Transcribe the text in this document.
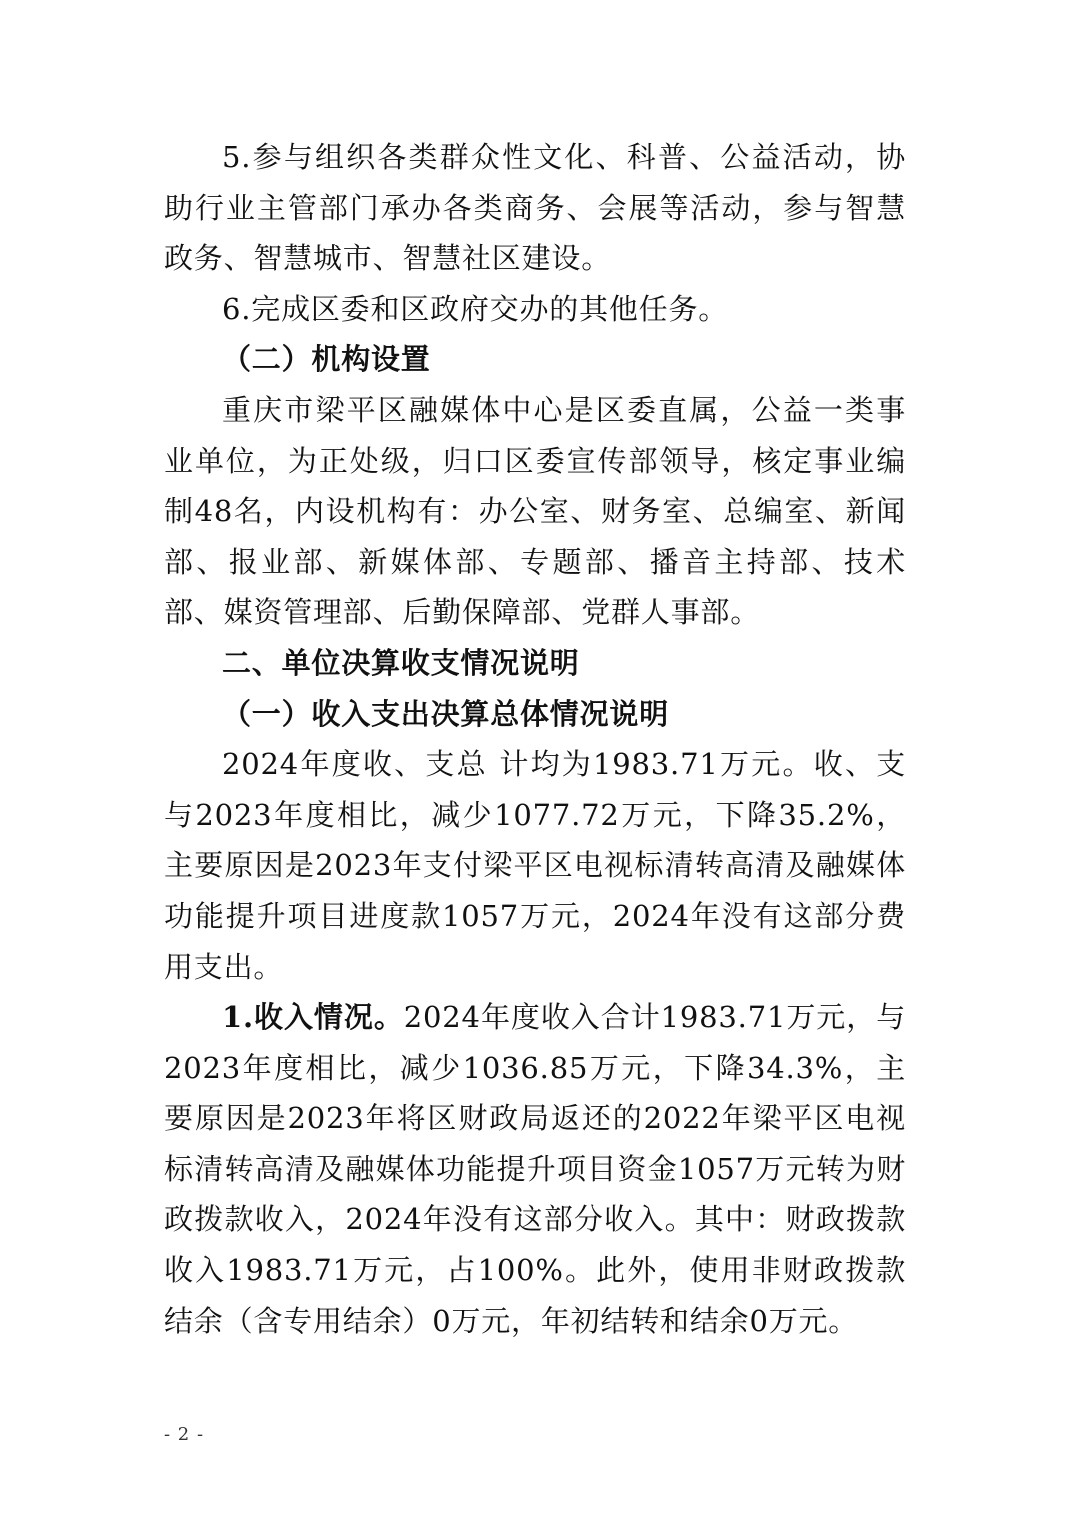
5.参与组织各类群众性文化、科普、公益活动，协助行业主管部门承办各类商务、会展等活动，参与智慧政务、智慧城市、智慧社区建设。

6.完成区委和区政府交办的其他任务。

（二）机构设置

重庆市梁平区融媒体中心是区委直属，公益一类事业单位，为正处级，归口区委宣传部领导，核定事业编制48名，内设机构有：办公室、财务室、总编室、新闻部、报业部、新媒体部、专题部、播音主持部、技术部、媒资管理部、后勤保障部、党群人事部。

二、单位决算收支情况说明

（一）收入支出决算总体情况说明

2024年度收、支总 计均为1983.71万元。收、支与2023年度相比，减少1077.72万元，下降35.2%，主要原因是2023年支付梁平区电视标清转高清及融媒体功能提升项目进度款1057万元，2024年没有这部分费用支出。

1.收入情况。2024年度收入合计1983.71万元，与2023年度相比，减少1036.85万元，下降34.3%，主要原因是2023年将区财政局返还的2022年梁平区电视标清转高清及融媒体功能提升项目资金1057万元转为财政拨款收入，2024年没有这部分收入。其中：财政拨款收入1983.71万元，占100%。此外，使用非财政拨款结余（含专用结余）0万元，年初结转和结余0万元。

- 2 -
